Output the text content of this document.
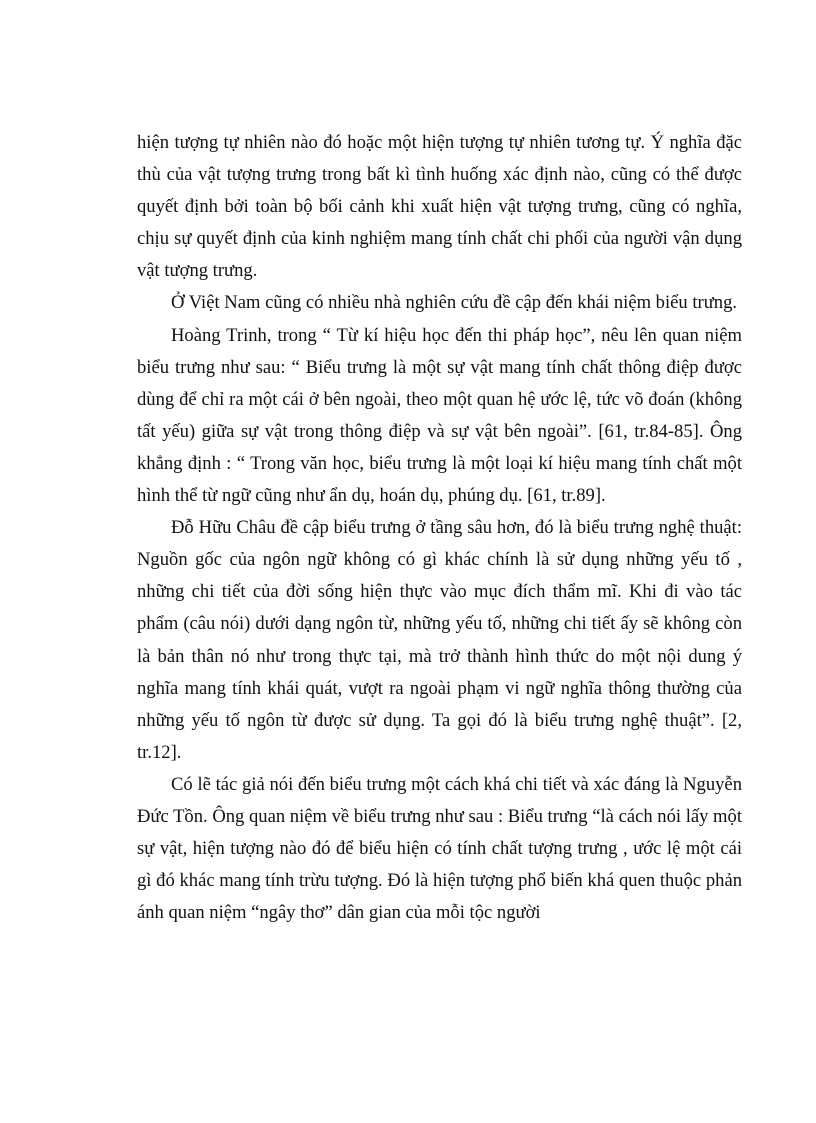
hiện tượng tự nhiên nào đó hoặc một hiện tượng tự nhiên tương tự. Ý nghĩa đặc thù của vật tượng trưng trong bất kì tình huống xác định nào, cũng có thể được quyết định bởi toàn bộ bối cảnh khi xuất hiện vật tượng trưng, cũng có nghĩa, chịu sự quyết định của kinh nghiệm mang tính chất chi phối của người vận dụng vật tượng trưng.

Ở Việt Nam cũng có nhiều nhà nghiên cứu đề cập đến khái niệm biểu trưng.

Hoàng Trinh, trong “ Từ kí hiệu học đến thi pháp học”, nêu lên quan niệm biểu trưng như sau: “ Biểu trưng là một sự vật mang tính chất thông điệp được dùng để chỉ ra một cái ở bên ngoài, theo một quan hệ ước lệ, tức võ đoán (không tất yếu) giữa sự vật trong thông điệp và sự vật bên ngoài”. [61, tr.84-85]. Ông khẳng định : “ Trong văn học, biểu trưng là một loại kí hiệu mang tính chất một hình thể từ ngữ cũng như ẩn dụ, hoán dụ, phúng dụ. [61, tr.89].

Đỗ Hữu Châu đề cập biểu trưng ở tầng sâu hơn, đó là biểu trưng nghệ thuật: Nguồn gốc của ngôn ngữ không có gì khác chính là sử dụng những yếu tố , những chi tiết của đời sống hiện thực vào mục đích thẩm mĩ. Khi đi vào tác phẩm (câu nói) dưới dạng ngôn từ, những yếu tố, những chi tiết ấy sẽ không còn là bản thân nó như trong thực tại, mà trở thành hình thức do một nội dung ý nghĩa mang tính khái quát, vượt ra ngoài phạm vi ngữ nghĩa thông thường của những yếu tố ngôn từ được sử dụng. Ta gọi đó là biểu trưng nghệ thuật”. [2, tr.12].

Có lẽ tác giả nói đến biểu trưng một cách khá chi tiết và xác đáng là Nguyễn Đức Tồn. Ông quan niệm về biểu trưng như sau : Biểu trưng “là cách nói lấy một sự vật, hiện tượng nào đó để biểu hiện có tính chất tượng trưng , ước lệ một cái gì đó khác mang tính trừu tượng. Đó là hiện tượng phổ biến khá quen thuộc phản ánh quan niệm “ngây thơ” dân gian của mỗi tộc người
